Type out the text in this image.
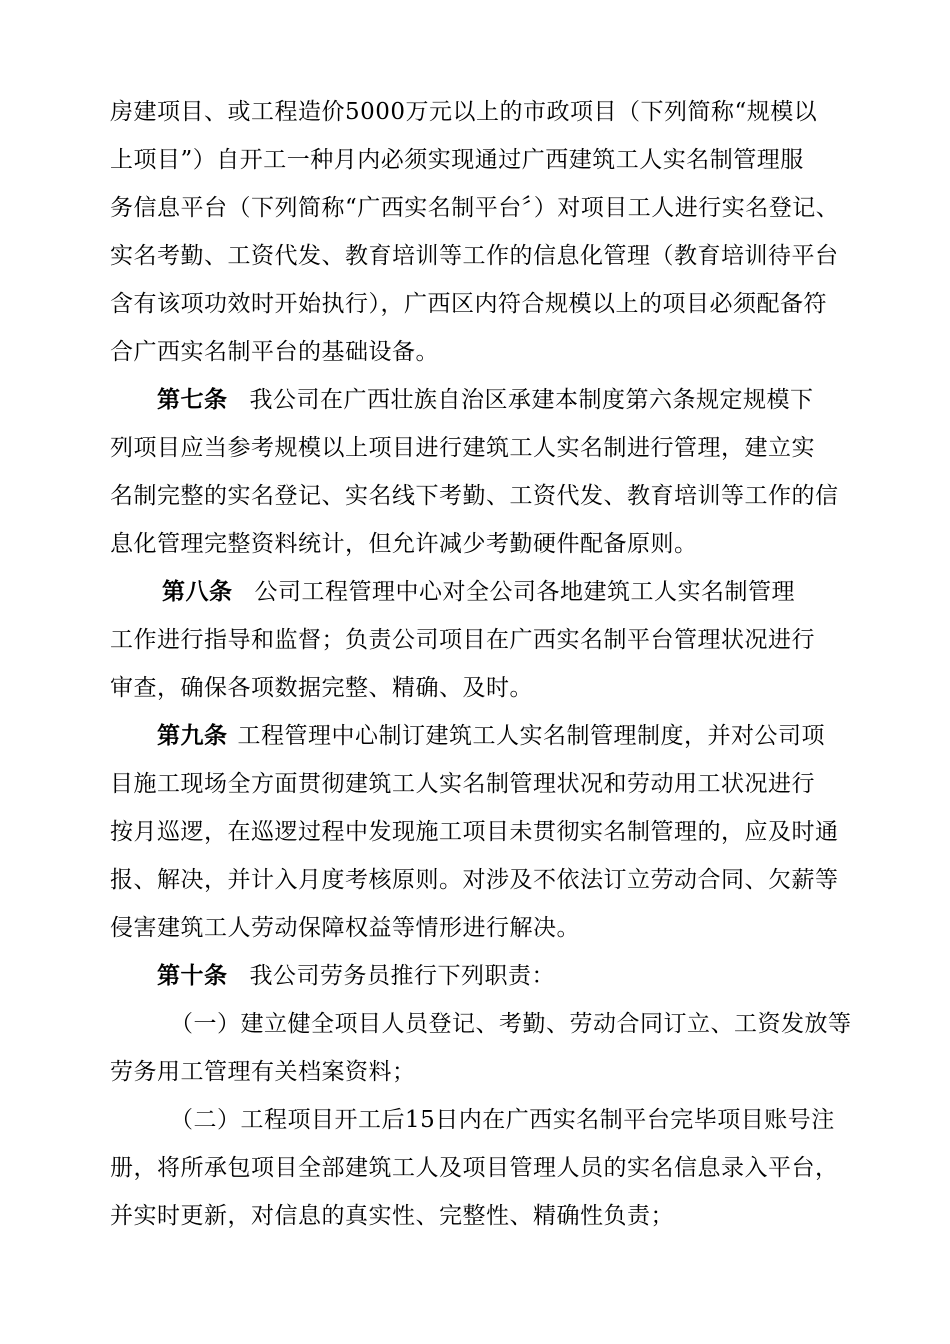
房建项目、或工程造价5000万元以上的市政项目（下列简称“规模以
上项目”）自开工一种月内必须实现通过广西建筑工人实名制管理服
务信息平台（下列简称“广西实名制平台〞）对项目工人进行实名登记、
实名考勤、工资代发、教育培训等工作的信息化管理（教育培训待平台
含有该项功效时开始执行），广西区内符合规模以上的项目必须配备符
合广西实名制平台的基础设备。
第七条 我公司在广西壮族自治区承建本制度第六条规定规模下
列项目应当参考规模以上项目进行建筑工人实名制进行管理，建立实
名制完整的实名登记、实名线下考勤、工资代发、教育培训等工作的信
息化管理完整资料统计，但允许减少考勤硬件配备原则。
第八条 公司工程管理中心对全公司各地建筑工人实名制管理
工作进行指导和监督；负责公司项目在广西实名制平台管理状况进行
审查，确保各项数据完整、精确、及时。
第九条 工程管理中心制订建筑工人实名制管理制度，并对公司项
目施工现场全方面贯彻建筑工人实名制管理状况和劳动用工状况进行
按月巡逻，在巡逻过程中发现施工项目未贯彻实名制管理的，应及时通
报、解决，并计入月度考核原则。对涉及不依法订立劳动合同、欠薪等
侵害建筑工人劳动保障权益等情形进行解决。
第十条 我公司劳务员推行下列职责：
（一）建立健全项目人员登记、考勤、劳动合同订立、工资发放等
劳务用工管理有关档案资料；
（二）工程项目开工后15日内在广西实名制平台完毕项目账号注
册，将所承包项目全部建筑工人及项目管理人员的实名信息录入平台，
并实时更新，对信息的真实性、完整性、精确性负责；
